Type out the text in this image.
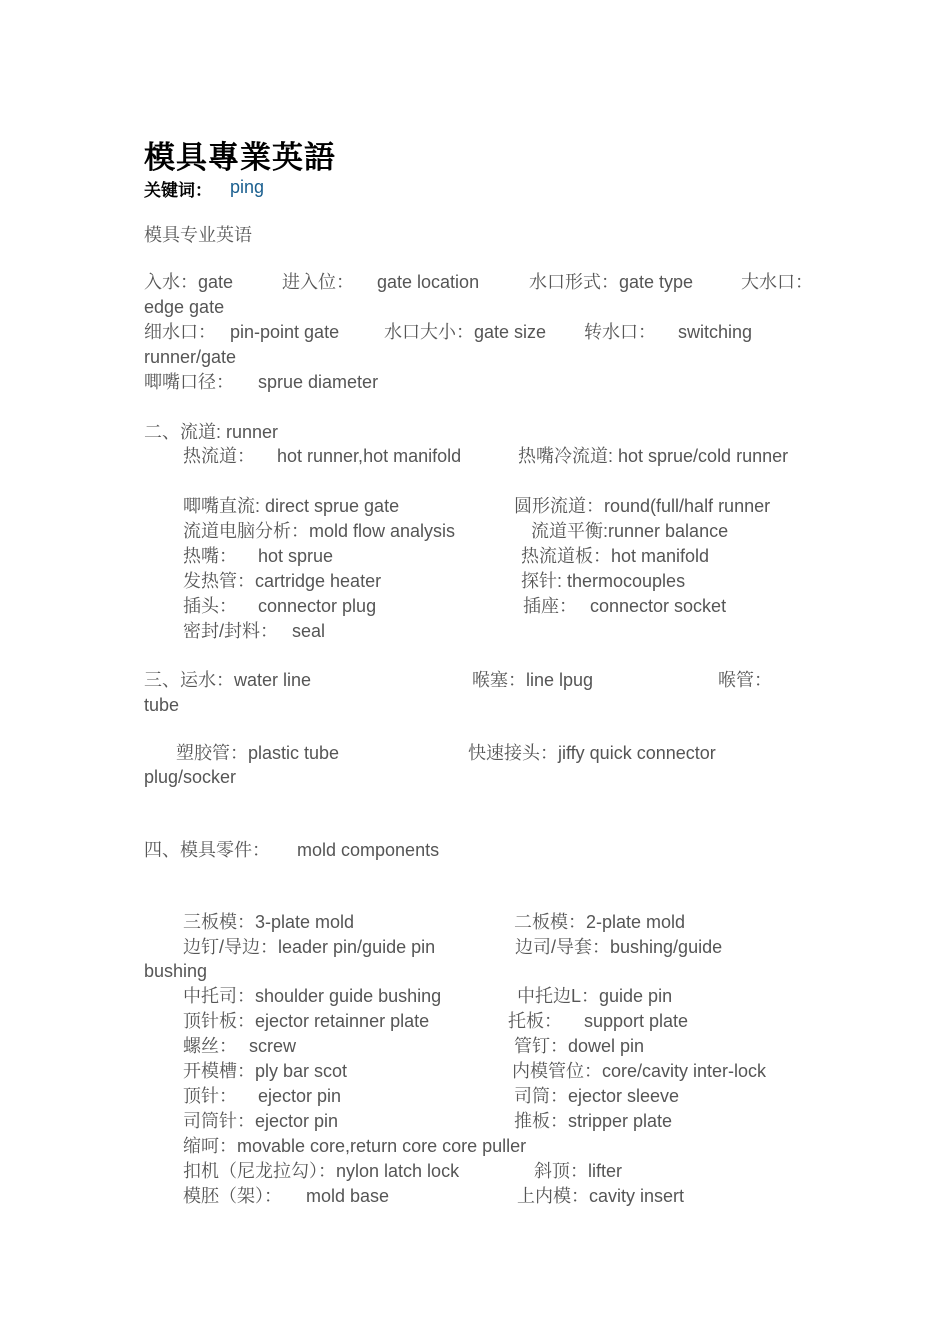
模具專業英語
关键词： ping
模具专业英语
入水：gate	进入位： gate location	水口形式：gate type	大水口：
edge gate
细水口： pin-point gate 水口大小：gate size 转水口： switching
runner/gate
唧嘴口径： sprue diameter
二、流道: runner
热流道： hot runner,hot manifold	热嘴冷流道: hot sprue/cold runner
唧嘴直流: direct sprue gate	圆形流道：round(full/half runner
流道电脑分析：mold flow analysis	流道平衡:runner balance
热嘴： hot sprue	热流道板：hot manifold
发热管：cartridge heater	探针: thermocouples
插头： connector plug	插座： connector socket
密封/封料： seal
三、运水：water line	喉塞：line lpug	喉管：
tube
塑胶管：plastic tube	快速接头：jiffy quick connector
plug/socker
四、模具零件： mold components
三板模：3-plate mold	二板模：2-plate mold
边钉/导边：leader pin/guide pin	边司/导套：bushing/guide
bushing
中托司：shoulder guide bushing	中托边L：guide pin
顶针板：ejector retainner plate	托板： support plate
螺丝： screw	管钉：dowel pin
开模槽：ply bar scot	内模管位：core/cavity inter-lock
顶针： ejector pin	司筒：ejector sleeve
司筒针：ejector pin	推板：stripper plate
缩呵：movable core,return core core puller
扣机（尼龙拉勾）：nylon latch lock	斜顶：lifter
模胚（架）： mold base	上内模：cavity insert
